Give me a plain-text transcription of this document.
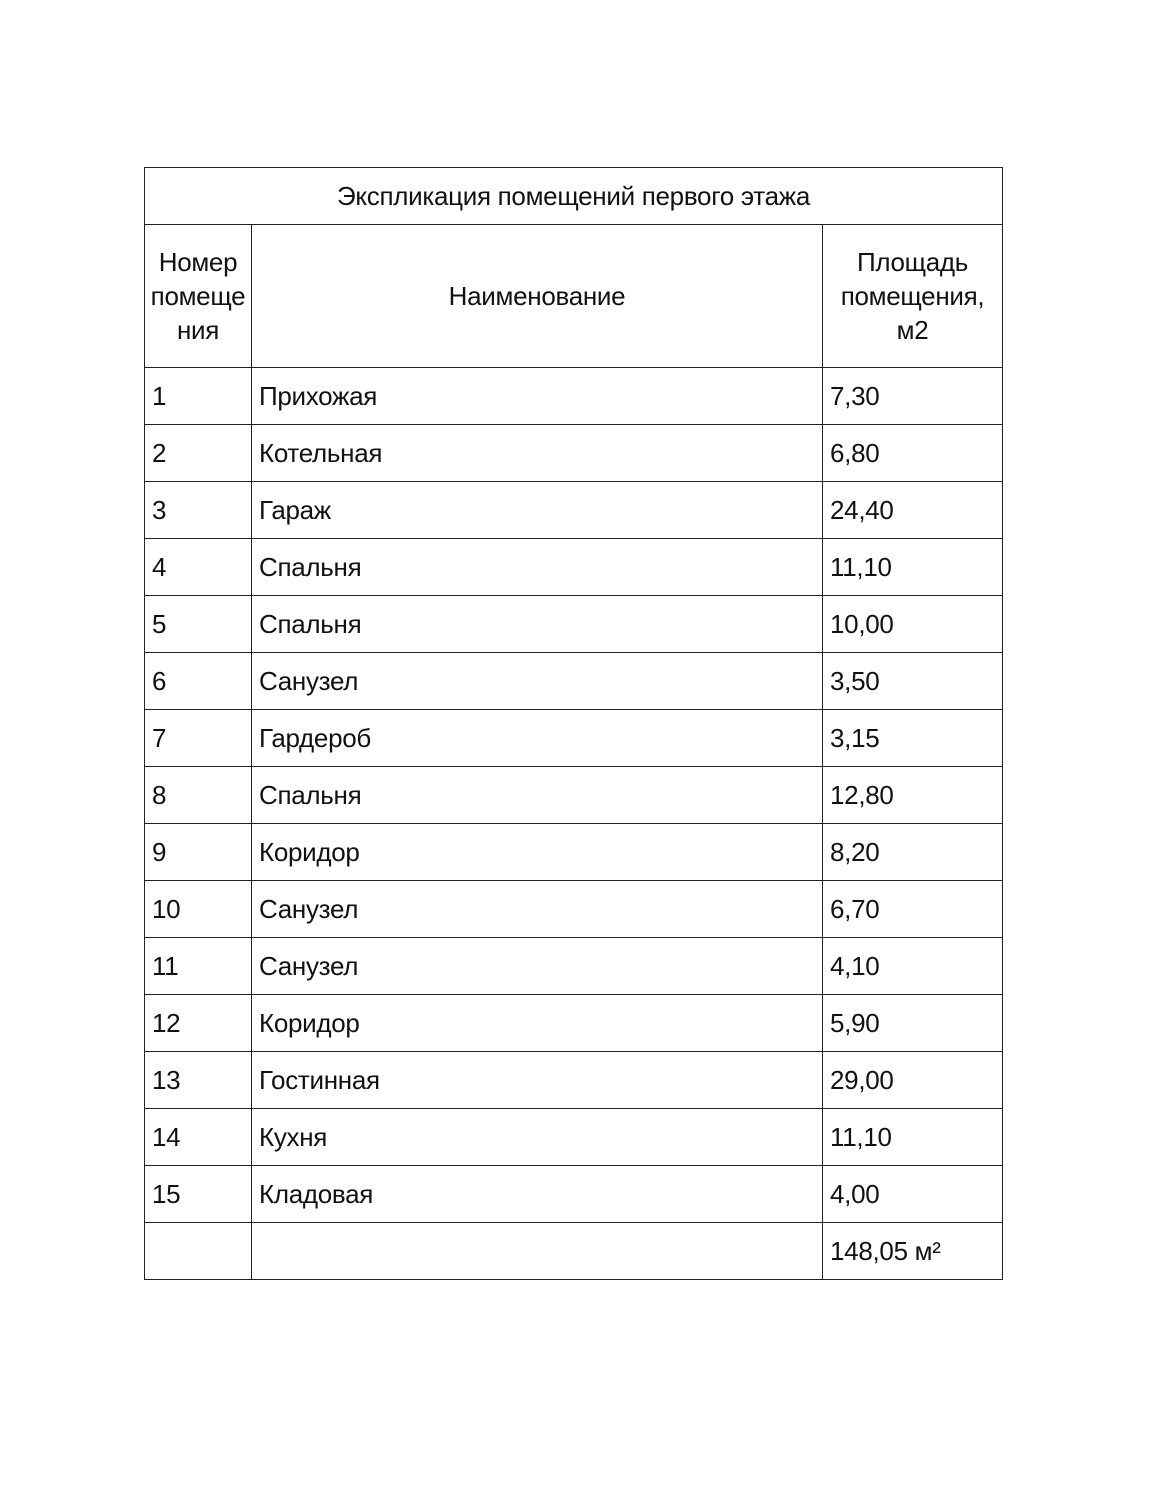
Экспликация помещений первого этажа		

Номер
помеще
ния	Наименование	Площадь
помещения,
м2

1	Прихожая	7,30
2	Котельная	6,80
3	Гараж	24,40
4	Спальня	11,10
5	Спальня	10,00
6	Санузел	3,50
7	Гардероб	3,15
8	Спальня	12,80
9	Коридор	8,20
10	Санузел	6,70
11	Санузел	4,10
12	Коридор	5,90
13	Гостинная	29,00
14	Кухня	11,10
15	Кладовая	4,00
		148,05 м²
